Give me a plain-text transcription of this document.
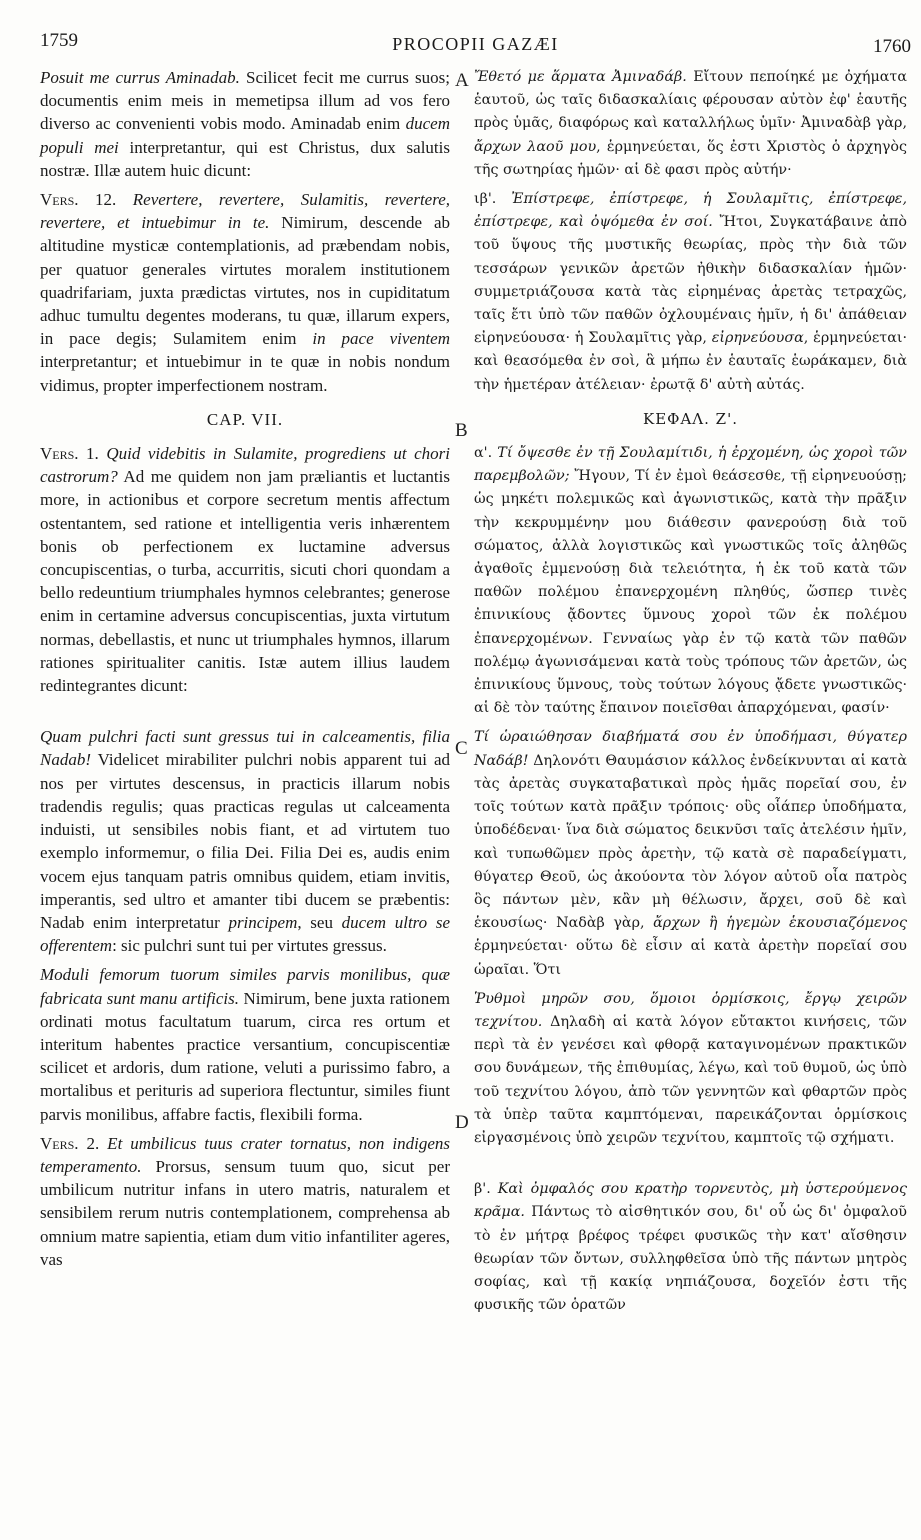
1759	PROCOPII GAZÆI	1760
A
B
C
D

Posuit me currus Aminadab. Scilicet fecit me currus suos; documentis enim meis in memetipsa illum ad vos fero diverso ac convenienti vobis modo. Aminadab enim ducem populi mei interpretantur, qui est Christus, dux salutis nostræ. Illæ autem huic dicunt:

Vers. 12. Revertere, revertere, Sulamitis, revertere, revertere, et intuebimur in te. Nimirum, descende ab altitudine mysticæ contemplationis, ad præbendam nobis, per quatuor generales virtutes moralem institutionem quadrifariam, juxta prædictas virtutes, nos in cupiditatum adhuc tumultu degentes moderans, tu quæ, illarum expers, in pace degis; Sulamitem enim in pace viventem interpretantur; et intuebimur in te quæ in nobis nondum vidimus, propter imperfectionem nostram.

CAP. VII.

Vers. 1. Quid videbitis in Sulamite, progrediens ut chori castrorum? Ad me quidem non jam præliantis et luctantis more, in actionibus et corpore secretum mentis affectum ostentantem, sed ratione et intelligentia veris inhærentem bonis ob perfectionem ex luctamine adversus concupiscentias, o turba, accurritis, sicuti chori quondam a bello redeuntium triumphales hymnos celebrantes; generose enim in certamine adversus concupiscentias, juxta virtutum normas, debellastis, et nunc ut triumphales hymnos, illarum rationes spiritualiter canitis. Istæ autem illius laudem redintegrantes dicunt:

Quam pulchri facti sunt gressus tui in calceamentis, filia Nadab! Videlicet mirabiliter pulchri nobis apparent tui ad nos per virtutes descensus, in practicis illarum nobis tradendis regulis; quas practicas regulas ut calceamenta induisti, ut sensibiles nobis fiant, et ad virtutem tuo exemplo informemur, o filia Dei. Filia Dei es, audis enim vocem ejus tanquam patris omnibus quidem, etiam invitis, imperantis, sed ultro et amanter tibi ducem se præbentis: Nadab enim interpretatur principem, seu ducem ultro se offerentem: sic pulchri sunt tui per virtutes gressus.

Moduli femorum tuorum similes parvis monilibus, quæ fabricata sunt manu artificis. Nimirum, bene juxta rationem ordinati motus facultatum tuarum, circa res ortum et interitum habentes practice versantium, concupiscentiæ scilicet et ardoris, dum ratione, veluti a purissimo fabro, a mortalibus et perituris ad superiora flectuntur, similes fiunt parvis monilibus, affabre factis, flexibili forma.

Vers. 2. Et umbilicus tuus crater tornatus, non indigens temperamento. Prorsus, sensum tuum quo, sicut per umbilicum nutritur infans in utero matris, naturalem et sensibilem rerum nutris contemplationem, comprehensa ab omnium matre sapientia, etiam dum vitio infantiliter ageres, vas

Ἔθετό με ἅρματα Ἀμιναδάβ. Εἴτουν πεποίηκέ με ὀχήματα ἑαυτοῦ, ὡς ταῖς διδασκαλίαις φέρουσαν αὐτὸν ἐφ' ἑαυτῆς πρὸς ὑμᾶς, διαφόρως καὶ καταλλήλως ὑμῖν· Ἀμιναδὰβ γὰρ, ἄρχων λαοῦ μου, ἑρμηνεύεται, ὅς ἐστι Χριστὸς ὁ ἀρχηγὸς τῆς σωτηρίας ἡμῶν· αἱ δὲ φασι πρὸς αὐτήν·

ιβ'. Ἐπίστρεφε, ἐπίστρεφε, ἡ Σουλαμῖτις, ἐπίστρεφε, ἐπίστρεφε, καὶ ὀψόμεθα ἐν σοί. Ἤτοι, Συγκατάβαινε ἀπὸ τοῦ ὕψους τῆς μυστικῆς θεωρίας, πρὸς τὴν διὰ τῶν τεσσάρων γενικῶν ἀρετῶν ἠθικὴν διδασκαλίαν ἡμῶν· συμμετριάζουσα κατὰ τὰς εἰρημένας ἀρετὰς τετραχῶς, ταῖς ἔτι ὑπὸ τῶν παθῶν ὀχλουμέναις ἡμῖν, ἡ δι' ἀπάθειαν εἰρηνεύουσα· ἡ Σουλαμῖτις γὰρ, εἰρηνεύουσα, ἑρμηνεύεται· καὶ θεασόμεθα ἐν σοὶ, ἃ μήπω ἐν ἑαυταῖς ἑωράκαμεν, διὰ τὴν ἡμετέραν ἀτέλειαν· ἐρωτᾷ δ' αὐτὴ αὐτάς.

ΚΕΦΑΛ. Ζ'.

α'. Τί ὄψεσθε ἐν τῇ Σουλαμίτιδι, ἡ ἐρχομένη, ὡς χοροὶ τῶν παρεμβολῶν; Ἤγουν, Τί ἐν ἐμοὶ θεάσεσθε, τῇ εἰρηνευούσῃ; ὡς μηκέτι πολεμικῶς καὶ ἀγωνιστικῶς, κατὰ τὴν πρᾶξιν τὴν κεκρυμμένην μου διάθεσιν φανερούσῃ διὰ τοῦ σώματος, ἀλλὰ λογιστικῶς καὶ γνωστικῶς τοῖς ἀληθῶς ἀγαθοῖς ἐμμενούσῃ διὰ τελειότητα, ἡ ἐκ τοῦ κατὰ τῶν παθῶν πολέμου ἐπανερχομένη πληθύς, ὥσπερ τινὲς ἐπινικίους ᾄδοντες ὕμνους χοροὶ τῶν ἐκ πολέμου ἐπανερχομένων. Γενναίως γὰρ ἐν τῷ κατὰ τῶν παθῶν πολέμῳ ἀγωνισάμεναι κατὰ τοὺς τρόπους τῶν ἀρετῶν, ὡς ἐπινικίους ὕμνους, τοὺς τούτων λόγους ᾄδετε γνωστικῶς· αἱ δὲ τὸν ταύτης ἔπαινον ποιεῖσθαι ἀπαρχόμεναι, φασίν·

Τί ὡραιώθησαν διαβήματά σου ἐν ὑποδήμασι, θύγατερ Ναδάβ! Δηλονότι Θαυμάσιον κάλλος ἐνδείκνυνται αἱ κατὰ τὰς ἀρετὰς συγκαταβατικαὶ πρὸς ἡμᾶς πορεῖαί σου, ἐν τοῖς τούτων κατὰ πρᾶξιν τρόποις· οὓς οἷάπερ ὑποδήματα, ὑποδέδεναι· ἵνα διὰ σώματος δεικνῦσι ταῖς ἀτελέσιν ἡμῖν, καὶ τυπωθῶμεν πρὸς ἀρετὴν, τῷ κατὰ σὲ παραδείγματι, θύγατερ Θεοῦ, ὡς ἀκούοντα τὸν λόγον αὐτοῦ οἷα πατρὸς ὃς πάντων μὲν, κἂν μὴ θέλωσιν, ἄρχει, σοῦ δὲ καὶ ἑκουσίως· Ναδὰβ γὰρ, ἄρχων ἢ ἡγεμὼν ἑκουσιαζόμενος ἑρμηνεύεται· οὕτω δὲ εἶσιν αἱ κατὰ ἀρετὴν πορεῖαί σου ὡραῖαι. Ὅτι

Ῥυθμοὶ μηρῶν σου, ὅμοιοι ὁρμίσκοις, ἔργῳ χειρῶν τεχνίτου. Δηλαδὴ αἱ κατὰ λόγον εὔτακτοι κινήσεις, τῶν περὶ τὰ ἐν γενέσει καὶ φθορᾷ καταγινομένων πρακτικῶν σου δυνάμεων, τῆς ἐπιθυμίας, λέγω, καὶ τοῦ θυμοῦ, ὡς ὑπὸ τοῦ τεχνίτου λόγου, ἀπὸ τῶν γεννητῶν καὶ φθαρτῶν πρὸς τὰ ὑπὲρ ταῦτα καμπτόμεναι, παρεικάζονται ὁρμίσκοις εἰργασμένοις ὑπὸ χειρῶν τεχνίτου, καμπτοῖς τῷ σχήματι.

β'. Καὶ ὀμφαλός σου κρατὴρ τορνευτὸς, μὴ ὑστερούμενος κρᾶμα. Πάντως τὸ αἰσθητικόν σου, δι' οὗ ὡς δι' ὀμφαλοῦ τὸ ἐν μήτρᾳ βρέφος τρέφει φυσικῶς τὴν κατ' αἴσθησιν θεωρίαν τῶν ὄντων, συλληφθεῖσα ὑπὸ τῆς πάντων μητρὸς σοφίας, καὶ τῇ κακίᾳ νηπιάζουσα, δοχεῖόν ἐστι τῆς φυσικῆς τῶν ὁρατῶν
